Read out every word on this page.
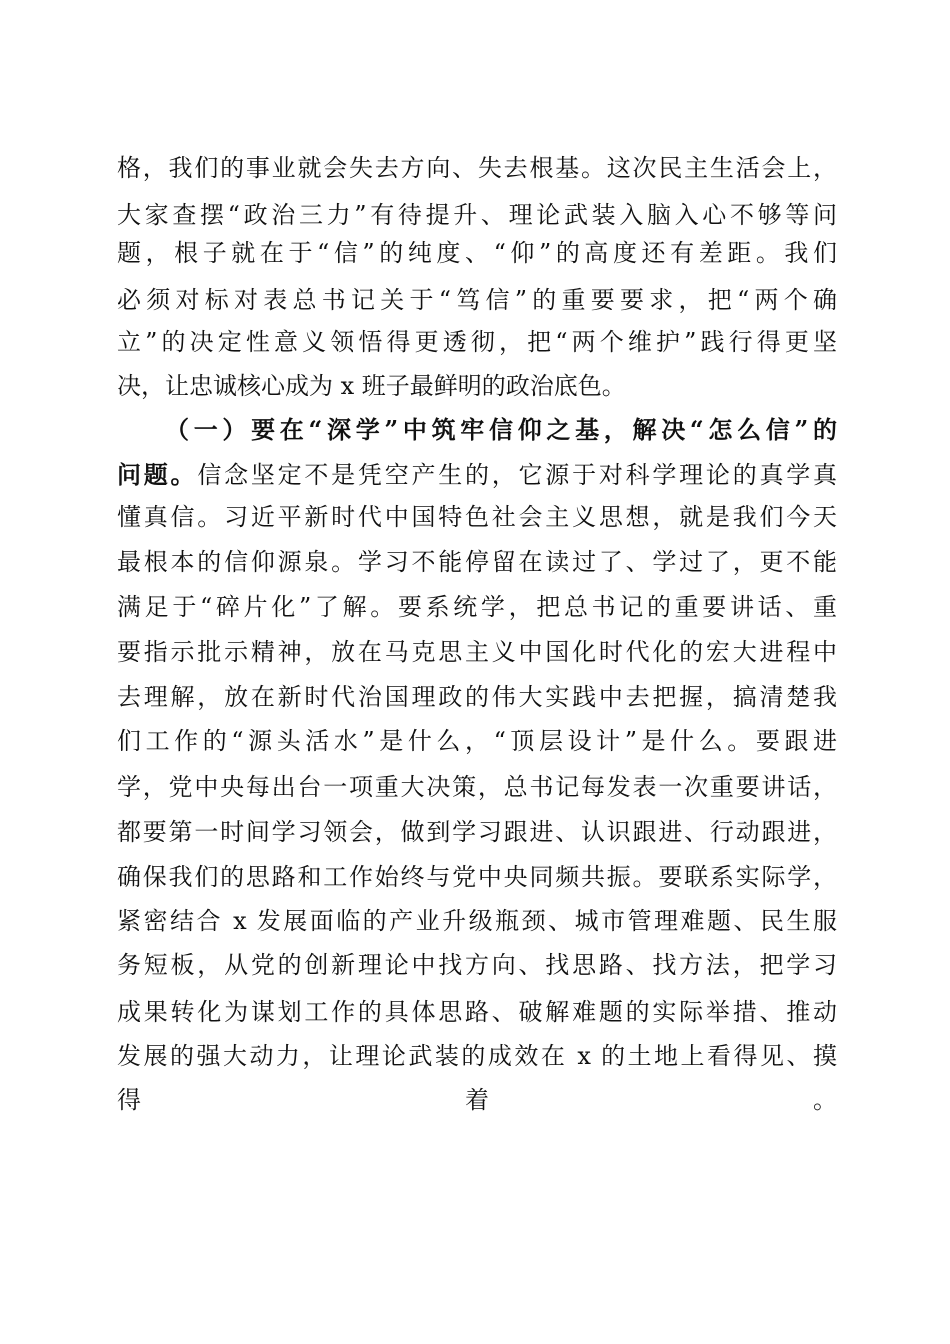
格，我们的事业就会失去方向、失去根基。这次民主生活会上，
大家查摆“政治三力”有待提升、理论武装入脑入心不够等问
题，根子就在于“信”的纯度、“仰”的高度还有差距。我们
必须对标对表总书记关于“笃信”的重要要求，把“两个确
立”的决定性意义领悟得更透彻，把“两个维护”践行得更坚
决，让忠诚核心成为 x 班子最鲜明的政治底色。
（一）要在“深学”中筑牢信仰之基，解决“怎么信”的
问题。信念坚定不是凭空产生的，它源于对科学理论的真学真
懂真信。习近平新时代中国特色社会主义思想，就是我们今天
最根本的信仰源泉。学习不能停留在读过了、学过了，更不能
满足于“碎片化”了解。要系统学，把总书记的重要讲话、重
要指示批示精神，放在马克思主义中国化时代化的宏大进程中
去理解，放在新时代治国理政的伟大实践中去把握，搞清楚我
们工作的“源头活水”是什么，“顶层设计”是什么。要跟进
学，党中央每出台一项重大决策，总书记每发表一次重要讲话，
都要第一时间学习领会，做到学习跟进、认识跟进、行动跟进，
确保我们的思路和工作始终与党中央同频共振。要联系实际学，
紧密结合 x 发展面临的产业升级瓶颈、城市管理难题、民生服
务短板，从党的创新理论中找方向、找思路、找方法，把学习
成果转化为谋划工作的具体思路、破解难题的实际举措、推动
发展的强大动力，让理论武装的成效在 x 的土地上看得见、摸
得着。
